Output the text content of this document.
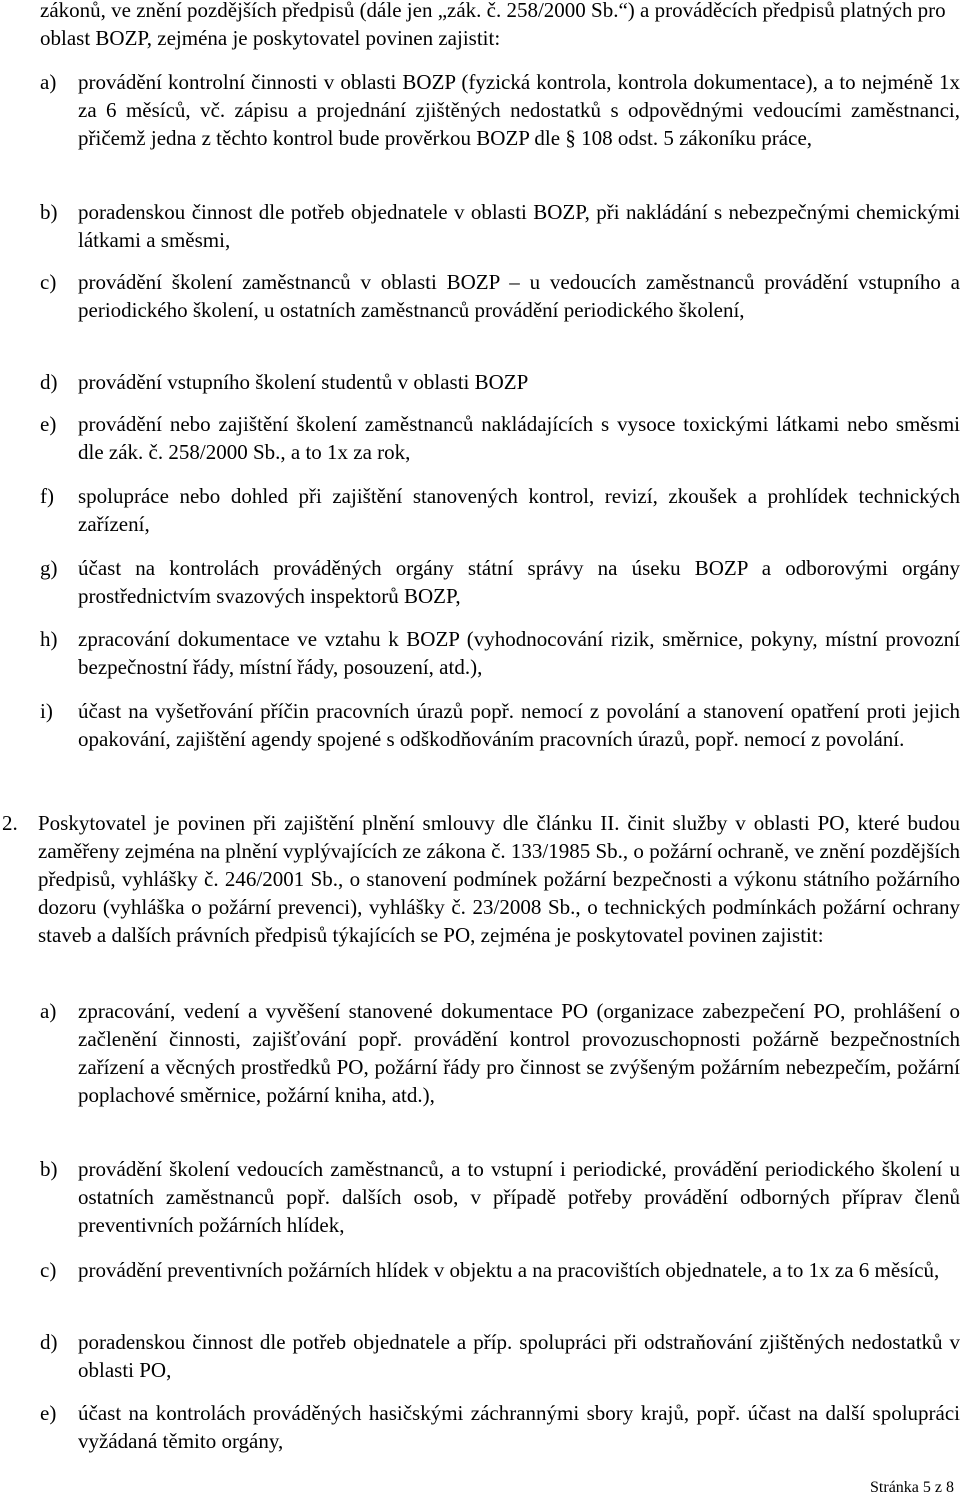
zákonů, ve znění pozdějších předpisů (dále jen „zák. č. 258/2000 Sb.“) a prováděcích předpisů platných pro oblast BOZP, zejména je poskytovatel povinen zajistit:

a)	provádění kontrolní činnosti v oblasti BOZP (fyzická kontrola, kontrola dokumentace), a to nejméně 1x za 6 měsíců, vč. zápisu a projednání zjištěných nedostatků s odpovědnými vedoucími zaměstnanci, přičemž jedna z těchto kontrol bude prověrkou BOZP dle § 108 odst. 5 zákoníku práce,
b) poradenskou činnost dle potřeb objednatele v oblasti BOZP, při nakládání s nebezpečnými chemickými látkami a směsmi,
c)	provádění školení zaměstnanců v oblasti BOZP – u vedoucích zaměstnanců provádění vstupního a periodického školení, u ostatních zaměstnanců provádění periodického školení,
d) provádění vstupního školení studentů v oblasti BOZP
e)	provádění nebo zajištění školení zaměstnanců nakládajících s vysoce toxickými látkami nebo směsmi dle zák. č. 258/2000 Sb., a to 1x za rok,
f)	spolupráce nebo dohled při zajištění stanovených kontrol, revizí, zkoušek a prohlídek technických zařízení,
g) účast na kontrolách prováděných orgány státní správy na úseku BOZP a odborovými orgány prostřednictvím svazových inspektorů BOZP,
h) zpracování dokumentace ve vztahu k BOZP (vyhodnocování rizik, směrnice, pokyny, místní provozní bezpečnostní řády, místní řády, posouzení, atd.),
i)	účast na vyšetřování příčin pracovních úrazů popř. nemocí z povolání a stanovení opatření proti jejich opakování, zajištění agendy spojené s odškodňováním pracovních úrazů, popř. nemocí z povolání.
2. Poskytovatel je povinen při zajištění plnění smlouvy dle článku II. činit služby v oblasti PO, které budou zaměřeny zejména na plnění vyplývajících ze zákona č. 133/1985 Sb., o požární ochraně, ve znění pozdějších předpisů, vyhlášky č. 246/2001 Sb., o stanovení podmínek požární bezpečnosti a výkonu státního požárního dozoru (vyhláška o požární prevenci), vyhlášky č. 23/2008 Sb., o technických podmínkách požární ochrany staveb a dalších právních předpisů týkajících se PO, zejména je poskytovatel povinen zajistit:
a)	zpracování, vedení a vyvěšení stanovené dokumentace PO (organizace zabezpečení PO, prohlášení o začlenění činnosti, zajišťování popř. provádění kontrol provozuschopnosti požárně bezpečnostních zařízení a věcných prostředků PO, požární řády pro činnost se zvýšeným požárním nebezpečím, požární poplachové směrnice, požární kniha, atd.),
b) provádění školení vedoucích zaměstnanců, a to vstupní i periodické, provádění periodického školení u ostatních zaměstnanců popř. dalších osob, v případě potřeby provádění odborných příprav členů preventivních požárních hlídek,
c)	provádění preventivních požárních hlídek v objektu a na pracovištích objednatele, a to 1x za 6 měsíců,
d) poradenskou činnost dle potřeb objednatele a příp. spolupráci při odstraňování zjištěných nedostatků v oblasti PO,
e)	účast na kontrolách prováděných hasičskými záchrannými sbory krajů, popř. účast na další spolupráci vyžádaná těmito orgány,
Stránka 5 z 8
